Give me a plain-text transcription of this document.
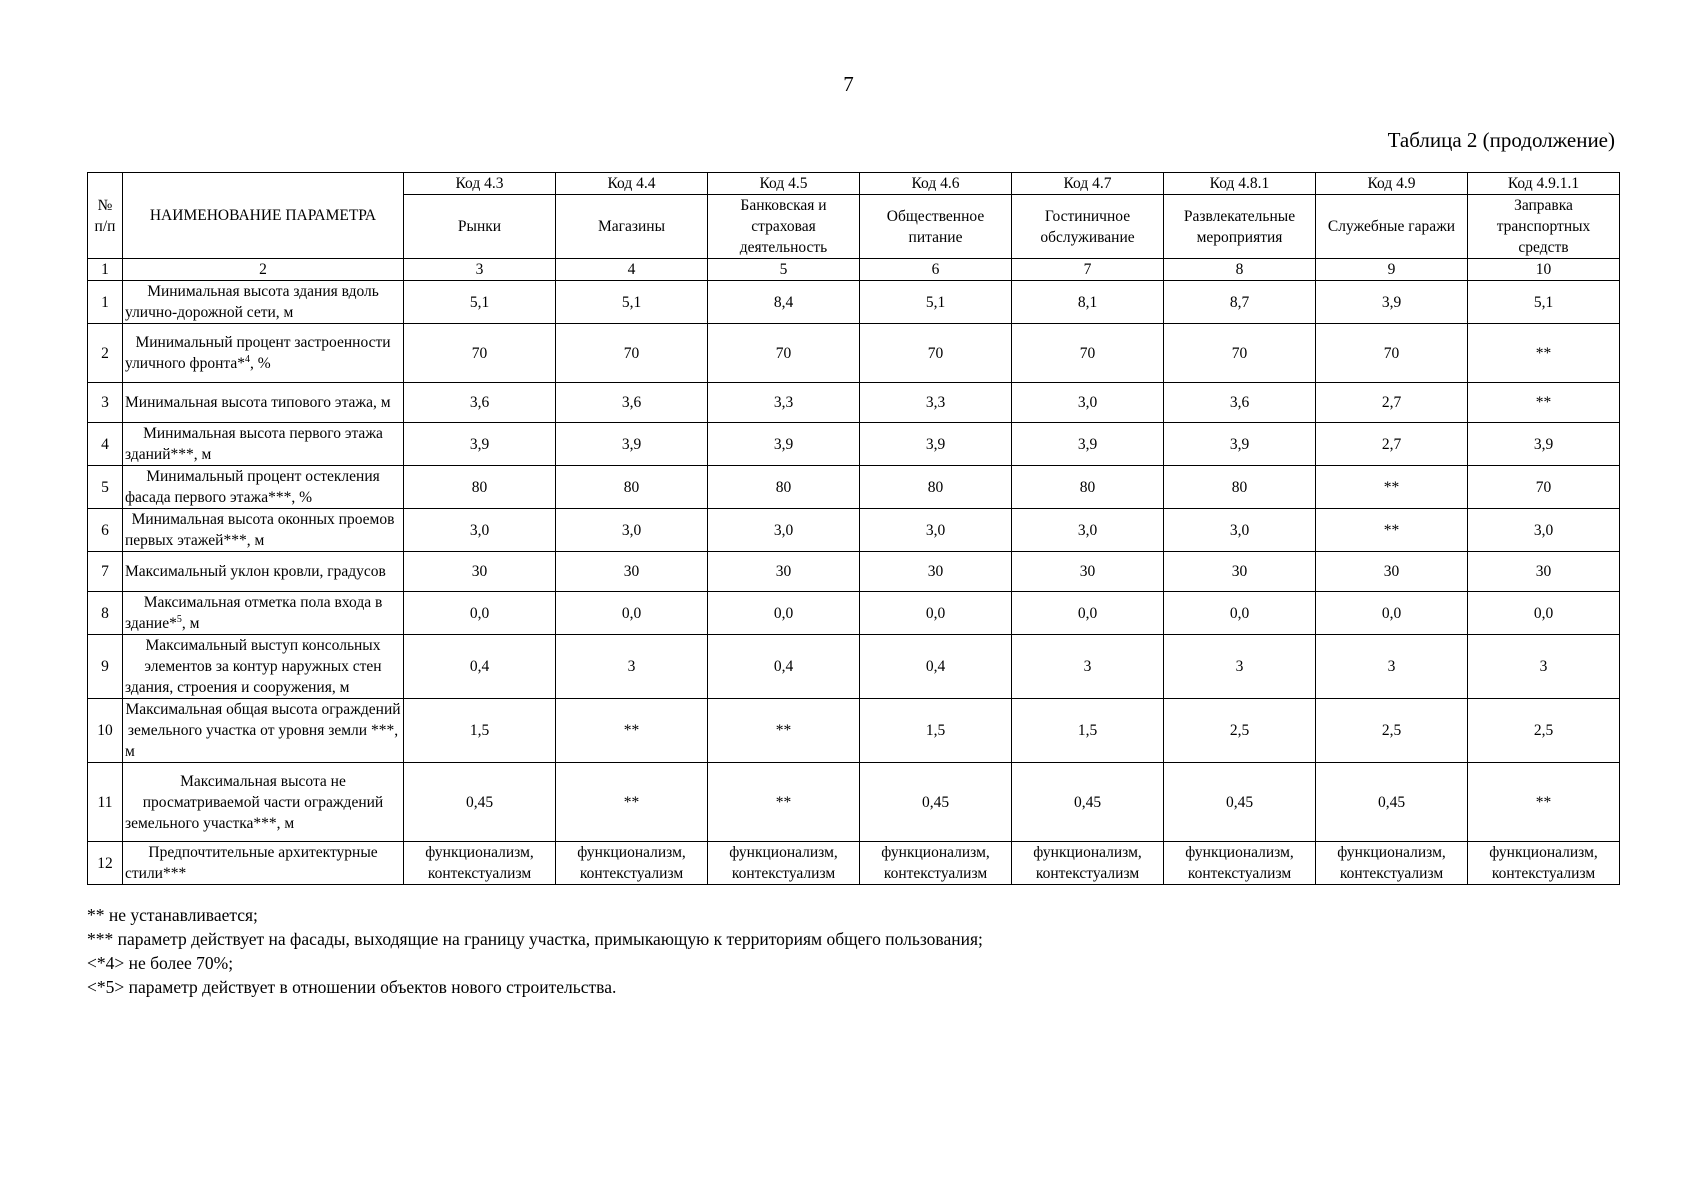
7
Таблица 2 (продолжение)
№ п/п	НАИМЕНОВАНИЕ ПАРАМЕТРА	Код 4.3	Код 4.4	Код 4.5	Код 4.6	Код 4.7	Код 4.8.1	Код 4.9	Код 4.9.1.1
		Рынки	Магазины	Банковская и страховая деятельность	Общественное питание	Гостиничное обслуживание	Развлекательные мероприятия	Служебные гаражи	Заправка транспортных средств
1	2	3	4	5	6	7	8	9	10
1	Минимальная высота здания вдоль улично-дорожной сети, м	5,1	5,1	8,4	5,1	8,1	8,7	3,9	5,1
2	Минимальный процент застроенности уличного фронта*$^4$, %	70	70	70	70	70	70	70	**
3	Минимальная высота типового этажа, м	3,6	3,6	3,3	3,3	3,0	3,6	2,7	**
4	Минимальная высота первого этажа зданий***, м	3,9	3,9	3,9	3,9	3,9	3,9	2,7	3,9
5	Минимальный процент остекления фасада первого этажа***, %	80	80	80	80	80	80	**	70
6	Минимальная высота оконных проемов первых этажей***, м	3,0	3,0	3,0	3,0	3,0	3,0	**	3,0
7	Максимальный уклон кровли, градусов	30	30	30	30	30	30	30	30
8	Максимальная отметка пола входа в здание*$^5$, м	0,0	0,0	0,0	0,0	0,0	0,0	0,0	0,0
9	Максимальный выступ консольных элементов за контур наружных стен здания, строения и сооружения, м	0,4	3	0,4	0,4	3	3	3	3
10	Максимальная общая высота ограждений земельного участка от уровня земли ***, м	1,5	**	**	1,5	1,5	2,5	2,5	2,5
11	Максимальная высота не просматриваемой части ограждений земельного участка***, м	0,45	**	**	0,45	0,45	0,45	0,45	**
12	Предпочтительные архитектурные стили***	функционализм, контекстуализм	функционализм, контекстуализм	функционализм, контекстуализм	функционализм, контекстуализм	функционализм, контекстуализм	функционализм, контекстуализм	функционализм, контекстуализм	функционализм, контекстуализм
** не устанавливается;
*** параметр действует на фасады, выходящие на границу участка, примыкающую к территориям общего пользования;
<*4> не более 70%;
<*5> параметр действует в отношении объектов нового строительства.
